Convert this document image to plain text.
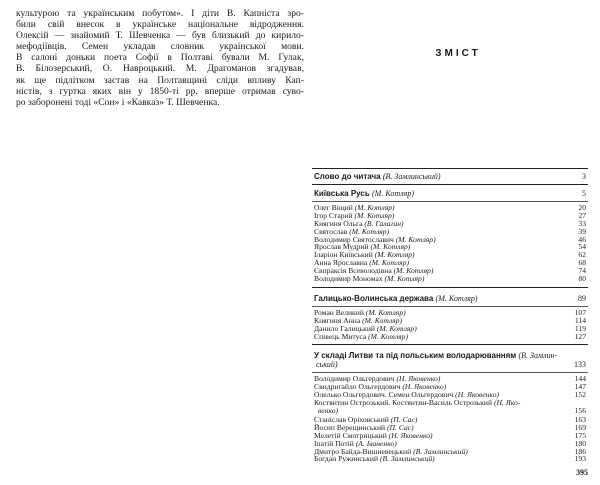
культурою та українським побутом». І діти В. Капніста зро-
били свій внесок в українське національне відродження.
Олексій — знайомий Т. Шевченка — був близький до кирило-
мефодіївців. Семен укладав словник української мови.
В салоні доньки поета Софії в Полтаві бували М. Гулак,
В. Білозерський, О. Навроцький. М. Драгоманов згадував,
як ще підлітком застав на Полтавщині сліди впливу Кап-
ністів, з гуртка яких він у 1850-ті рр. вперше отримав суво-
ро заборонені тоді «Сон» і «Кавказ» Т. Шевченка.
ЗМІСТ
Слово до читача (В. Замлинський)	3
Київська Русь (М. Котляр)	5
Олег Віщий (М. Котляр)	20
Ігор Старий (М. Котляр)	27
Княгиня Ольга (В. Галаган)	33
Святослав (М. Котляр)	39
Володимир Святославич (М. Котляр)	46
Ярослав Мудрий (М. Котляр)	54
Іларіон Київський (М. Котляр)	62
Анна Ярославна (М. Котляр)	68
Євпраксія Всеволодівна (М. Котляр)	74
Володимир Мономах (М. Котляр)	80
Галицько-Волинська держава (М. Котляр)	89
Роман Великий (М. Котляр)	107
Княгиня Анна (М. Котляр)	114
Данило Галицький (М. Котляр)	119
Співець Митуса (М. Котляр)	127
У складі Литви та під польським володарюванням (В. Замлин-
ський)	133
Володимир Ольгердович (Н. Яковенко)	144
Свидригайло Ольгердович (Н. Яковенко)	147
Олелько Ольгердович. Семен Ольгердович (Н. Яковенко)	152
Костянтин Острозький. Костянтин-Василь Острозький (Н. Яко-
венко)	156
Станіслав Оріховський (П. Сас)	163
Йосип Верещинський (П. Сас)	169
Мелетій Смотрицький (Н. Яковенко)	175
Іпатій Потій (А. Іваненко)	180
Дмитро Байда-Вишневецький (В. Замлинський)	186
Богдан Ружинський (В. Замлинський)	193
395
